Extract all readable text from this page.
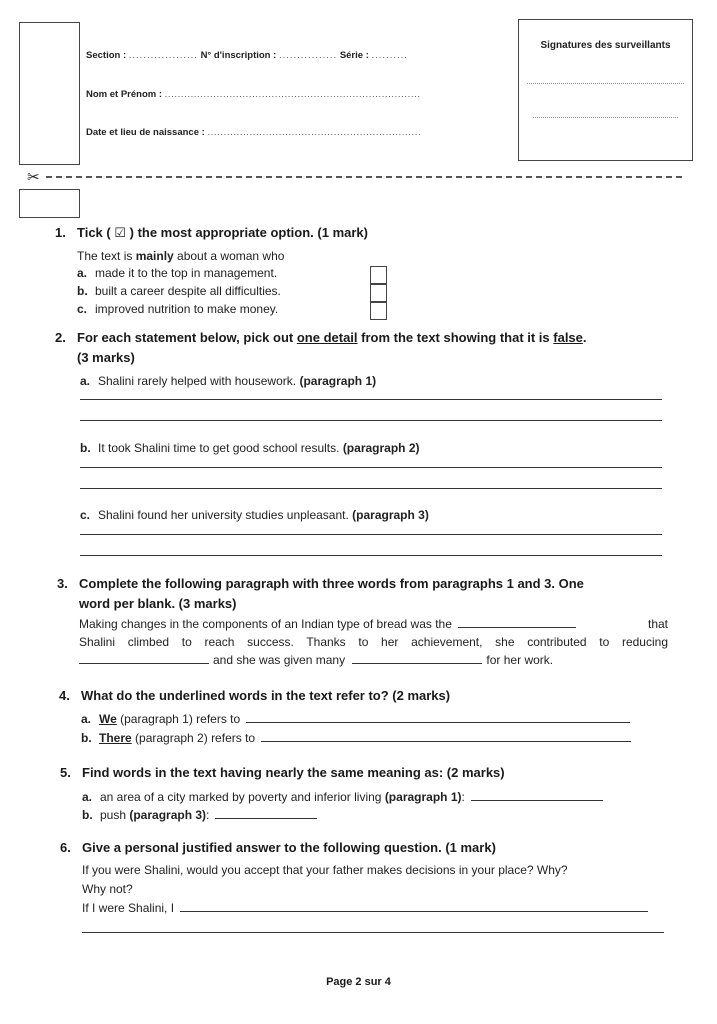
Section : ................... N° d'inscription : ................ Série : ..........
Nom et Prénom : ...............................................................................
Date et lieu de naissance : ..................................................................
Signatures des surveillants
✂
1. Tick ( ☑ ) the most appropriate option. (1 mark)
The text is mainly about a woman who
a. made it to the top in management.
b. built a career despite all difficulties.
c. improved nutrition to make money.
2. For each statement below, pick out one detail from the text showing that it is false.
(3 marks)
a. Shalini rarely helped with housework. (paragraph 1)
b. It took Shalini time to get good school results. (paragraph 2)
c. Shalini found her university studies unpleasant. (paragraph 3)
3. Complete the following paragraph with three words from paragraphs 1 and 3. One
word per blank. (3 marks)
Making changes in the components of an Indian type of bread was the	that
Shalini climbed to reach success. Thanks to her achievement, she contributed to reducing
and she was given many	for her work.
4. What do the underlined words in the text refer to? (2 marks)
a. We (paragraph 1) refers to
b. There (paragraph 2) refers to
5. Find words in the text having nearly the same meaning as: (2 marks)
a. an area of a city marked by poverty and inferior living (paragraph 1) :
b. push (paragraph 3) :
6. Give a personal justified answer to the following question. (1 mark)
If you were Shalini, would you accept that your father makes decisions in your place? Why?
Why not?
If I were Shalini, I
Page 2 sur 4
